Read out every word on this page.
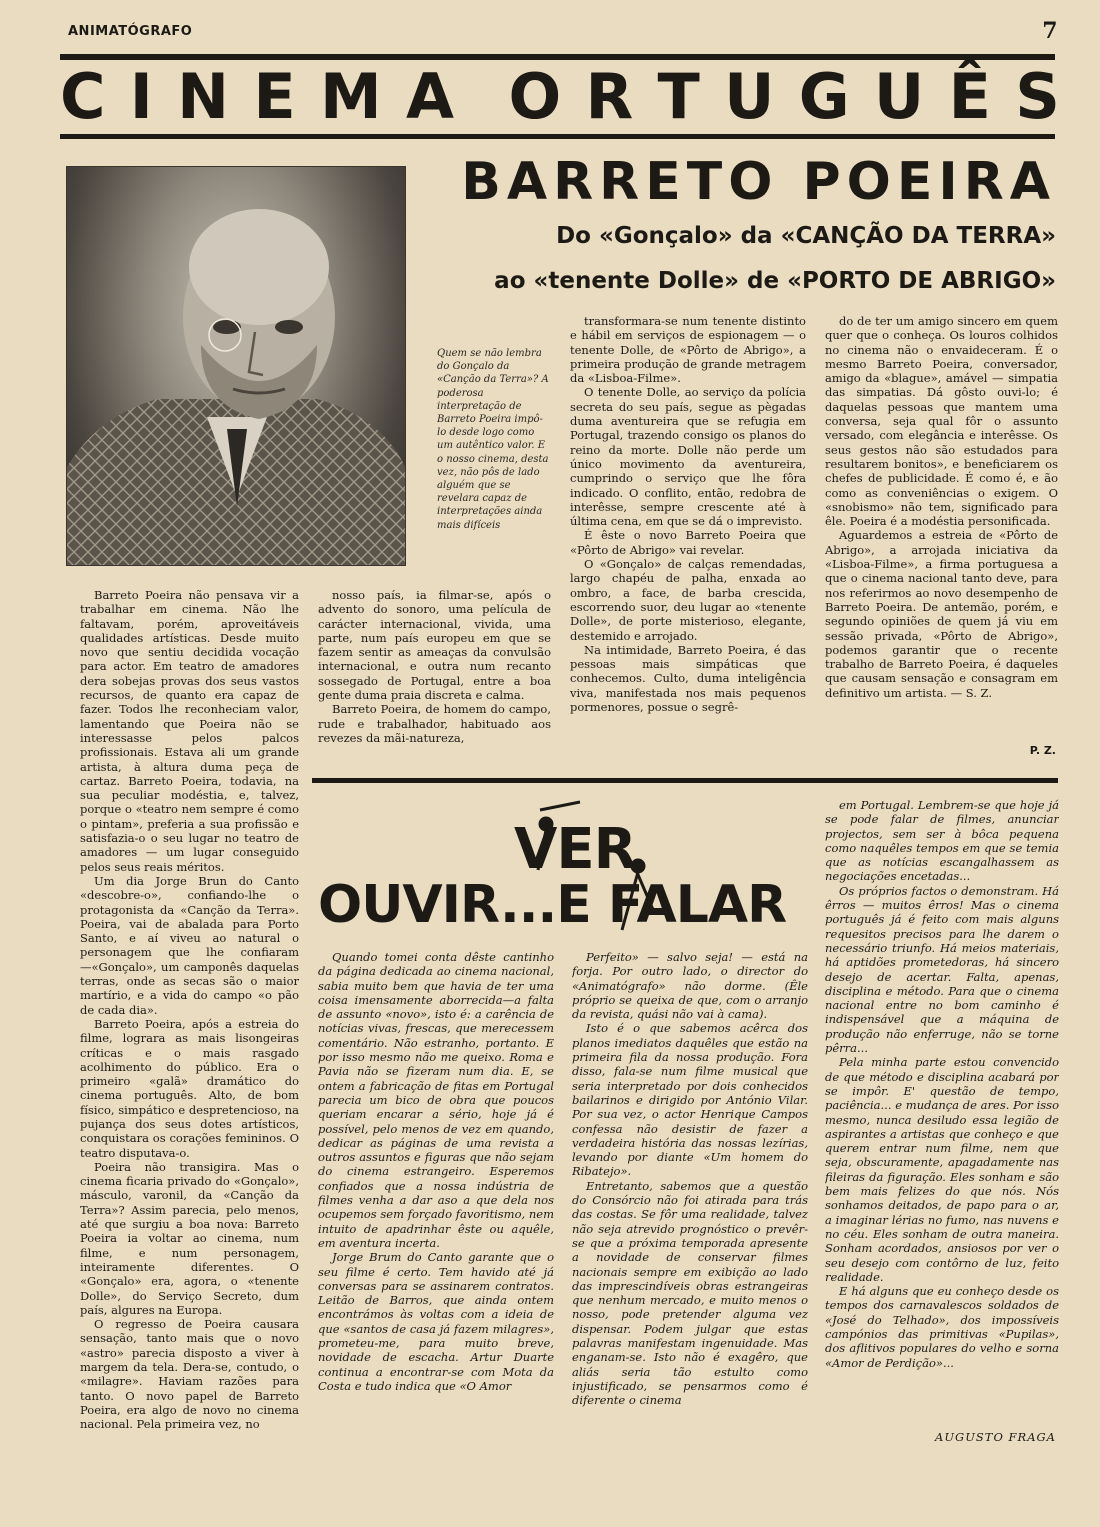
ANIMATÓGRAFO	7
C I N E M A O R T U G U Ê S
BARRETO POEIRA
Do «Gonçalo» da «CANÇÃO DA TERRA»
ao «tenente Dolle» de «PORTO DE ABRIGO»
Quem se não lembra do Gonçalo da «Canção da Terra»? A poderosa interpretação de Barreto Poeira impô-lo desde logo como um autêntico valor. E o nosso cinema, desta vez, não pôs de lado alguém que se revelara capaz de interpretações ainda mais difíceis

Barreto Poeira não pensava vir a trabalhar em cinema. Não lhe faltavam, porém, aproveitáveis qualidades artísticas. Desde muito novo que sentiu decidida vocação para actor. Em teatro de amadores dera sobejas provas dos seus vastos recursos, de quanto era capaz de fazer. Todos lhe reconheciam valor, lamentando que Poeira não se interessasse pelos palcos profissionais. Estava ali um grande artista, à altura duma peça de cartaz. Barreto Poeira, todavia, na sua peculiar modéstia, e, talvez, porque o «teatro nem sempre é como o pintam», preferia a sua profissão e satisfazia-o o seu lugar no teatro de amadores — um lugar conseguido pelos seus reais méritos.

Um dia Jorge Brun do Canto «descobre-o», confiando-lhe o protagonista da «Canção da Terra». Poeira, vai de abalada para Porto Santo, e aí viveu ao natural o personagem que lhe confiaram—«Gonçalo», um camponês daquelas terras, onde as secas são o maior martírio, e a vida do campo «o pão de cada dia».

Barreto Poeira, após a estreia do filme, lograra as mais lisongeiras críticas e o mais rasgado acolhimento do público. Era o primeiro «galã» dramático do cinema português. Alto, de bom físico, simpático e despretencioso, na pujança dos seus dotes artísticos, conquistara os corações femininos. O teatro disputava-o.

Poeira não transigira. Mas o cinema ficaria privado do «Gonçalo», másculo, varonil, da «Canção da Terra»? Assim parecia, pelo menos, até que surgiu a boa nova: Barreto Poeira ia voltar ao cinema, num filme, e num personagem, inteiramente diferentes. O «Gonçalo» era, agora, o «tenente Dolle», do Serviço Secreto, dum país, algures na Europa.

O regresso de Poeira causara sensação, tanto mais que o novo «astro» parecia disposto a viver à margem da tela. Dera-se, contudo, o «milagre». Haviam razões para tanto. O novo papel de Barreto Poeira, era algo de novo no cinema nacional. Pela primeira vez, no

nosso país, ia filmar-se, após o advento do sonoro, uma película de carácter internacional, vivida, uma parte, num país europeu em que se fazem sentir as ameaças da convulsão internacional, e outra num recanto sossegado de Portugal, entre a boa gente duma praia discreta e calma.

Barreto Poeira, de homem do campo, rude e trabalhador, habituado aos revezes da mãi-natureza,

transformara-se num tenente distinto e hábil em serviços de espionagem — o tenente Dolle, de «Pôrto de Abrigo», a primeira produção de grande metragem da «Lisboa-Filme».

O tenente Dolle, ao serviço da polícia secreta do seu país, segue as pègadas duma aventureira que se refugia em Portugal, trazendo consigo os planos do reino da morte. Dolle não perde um único movimento da aventureira, cumprindo o serviço que lhe fôra indicado. O conflito, então, redobra de interêsse, sempre crescente até à última cena, em que se dá o imprevisto.

É êste o novo Barreto Poeira que «Pôrto de Abrigo» vai revelar.

O «Gonçalo» de calças remendadas, largo chapéu de palha, enxada ao ombro, a face, de barba crescida, escorrendo suor, deu lugar ao «tenente Dolle», de porte misterioso, elegante, destemido e arrojado.

Na intimidade, Barreto Poeira, é das pessoas mais simpáticas que conhecemos. Culto, duma inteligência viva, manifestada nos mais pequenos pormenores, possue o segrê-

do de ter um amigo sincero em quem quer que o conheça. Os louros colhidos no cinema não o envaideceram. É o mesmo Barreto Poeira, conversador, amigo da «blague», amável — simpatia das simpatias. Dá gôsto ouvi-lo; é daquelas pessoas que mantem uma conversa, seja qual fôr o assunto versado, com elegância e interêsse. Os seus gestos não são estudados para resultarem bonitos», e beneficiarem os chefes de publicidade. É como é, e ão como as conveniências o exigem. O «snobismo» não tem, significado para êle. Poeira é a modéstia personificada.

Aguardemos a estreia de «Pôrto de Abrigo», a arrojada iniciativa da «Lisboa-Filme», a firma portuguesa a que o cinema nacional tanto deve, para nos referirmos ao novo desempenho de Barreto Poeira. De antemão, porém, e segundo opiniões de quem já viu em sessão privada, «Pôrto de Abrigo», podemos garantir que o recente trabalho de Barreto Poeira, é daqueles que causam sensação e consagram em definitivo um artista. — S. Z.

P. Z.
VER
OUVIR...E FALAR

Quando tomei conta dêste cantinho da página dedicada ao cinema nacional, sabia muito bem que havia de ter uma coisa imensamente aborrecida—a falta de assunto «novo», isto é: a carência de notícias vivas, frescas, que merecessem comentário. Não estranho, portanto. E por isso mesmo não me queixo. Roma e Pavia não se fizeram num dia. E, se ontem a fabricação de fitas em Portugal parecia um bico de obra que poucos queriam encarar a sério, hoje já é possível, pelo menos de vez em quando, dedicar as páginas de uma revista a outros assuntos e figuras que não sejam do cinema estrangeiro. Esperemos confiados que a nossa indústria de filmes venha a dar aso a que dela nos ocupemos sem forçado favoritismo, nem intuito de apadrinhar êste ou aquêle, em aventura incerta.

Jorge Brum do Canto garante que o seu filme é certo. Tem havido até já conversas para se assinarem contratos. Leitão de Barros, que ainda ontem encontrámos às voltas com a ideia de que «santos de casa já fazem milagres», prometeu-me, para muito breve, novidade de escacha. Artur Duarte continua a encontrar-se com Mota da Costa e tudo indica que «O Amor

Perfeito» — salvo seja! — está na forja. Por outro lado, o director do «Animatógrafo» não dorme. (Êle próprio se queixa de que, com o arranjo da revista, quási não vai à cama).

Isto é o que sabemos acêrca dos planos imediatos daquêles que estão na primeira fila da nossa produção. Fora disso, fala-se num filme musical que seria interpretado por dois conhecidos bailarinos e dirigido por António Vilar. Por sua vez, o actor Henrique Campos confessa não desistir de fazer a verdadeira história das nossas lezírias, levando por diante «Um homem do Ribatejo».

Entretanto, sabemos que a questão do Consórcio não foi atirada para trás das costas. Se fôr uma realidade, talvez não seja atrevido prognóstico o prevêr-se que a próxima temporada apresente a novidade de conservar filmes nacionais sempre em exibição ao lado das imprescindíveis obras estrangeiras que nenhum mercado, e muito menos o nosso, pode pretender alguma vez dispensar. Podem julgar que estas palavras manifestam ingenuidade. Mas enganam-se. Isto não é exagêro, que aliás seria tão estulto como injustificado, se pensarmos como é diferente o cinema

em Portugal. Lembrem-se que hoje já se pode falar de filmes, anunciar projectos, sem ser à bôca pequena como naquêles tempos em que se temia que as notícias escangalhassem as negociações encetadas...

Os próprios factos o demonstram. Há êrros — muitos êrros! Mas o cinema português já é feito com mais alguns requesitos precisos para lhe darem o necessário triunfo. Há meios materiais, há aptidões prometedoras, há sincero desejo de acertar. Falta, apenas, disciplina e método. Para que o cinema nacional entre no bom caminho é indispensável que a máquina de produção não enferruge, não se torne pêrra...

Pela minha parte estou convencido de que método e disciplina acabará por se impôr. E' questão de tempo, paciência... e mudança de ares. Por isso mesmo, nunca desiludo essa legião de aspirantes a artistas que conheço e que querem entrar num filme, nem que seja, obscuramente, apagadamente nas fileiras da figuração. Eles sonham e são bem mais felizes do que nós. Nós sonhamos deitados, de papo para o ar, a imaginar lérias no fumo, nas nuvens e no céu. Eles sonham de outra maneira. Sonham acordados, ansiosos por ver o seu desejo com contôrno de luz, feito realidade.

E há alguns que eu conheço desde os tempos dos carnavalescos soldados de «José do Telhado», dos impossíveis campónios das primitivas «Pupilas», dos aflitivos populares do velho e sorna «Amor de Perdição»...

AUGUSTO FRAGA
